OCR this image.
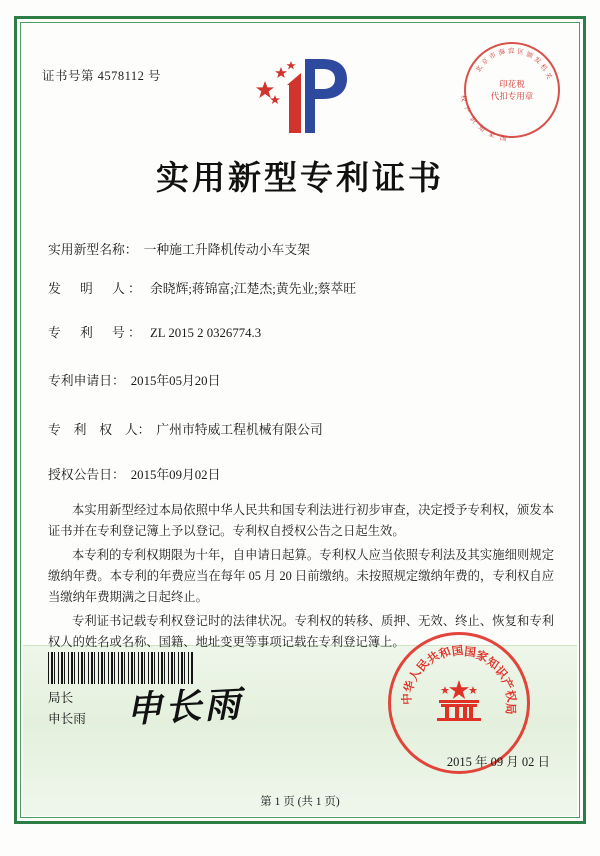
证书号第 4578112 号	北
京
市 海 淀 区 颁
发
机
关
国
家
知
识
产
权
印花税
代扣专用章
实用新型专利证书
实用新型名称： 一种施工升降机传动小车支架
发　明　人： 余晓辉;蒋锦富;江楚杰;黄先业;蔡萃旺
专　利　号： ZL 2015 2 0326774.3
专利申请日： 2015年05月20日
专　利　权　人： 广州市特威工程机械有限公司
授权公告日： 2015年09月02日
本实用新型经过本局依照中华人民共和国专利法进行初步审查，决定授予专利权，颁发本证书并在专利登记簿上予以登记。专利权自授权公告之日起生效。
本专利的专利权期限为十年，自申请日起算。专利权人应当依照专利法及其实施细则规定缴纳年费。本专利的年费应当在每年 05 月 20 日前缴纳。未按照规定缴纳年费的，专利权自应当缴纳年费期满之日起终止。
专利证书记载专利权登记时的法律状况。专利权的转移、质押、无效、终止、恢复和专利权人的姓名或名称、国籍、地址变更等事项记载在专利登记簿上。
局长
申长雨 申长雨	中
华
人
民
共
和
国 国
家
知
识
产
权
局
2015 年 09 月 02 日
第 1 页 (共 1 页)
